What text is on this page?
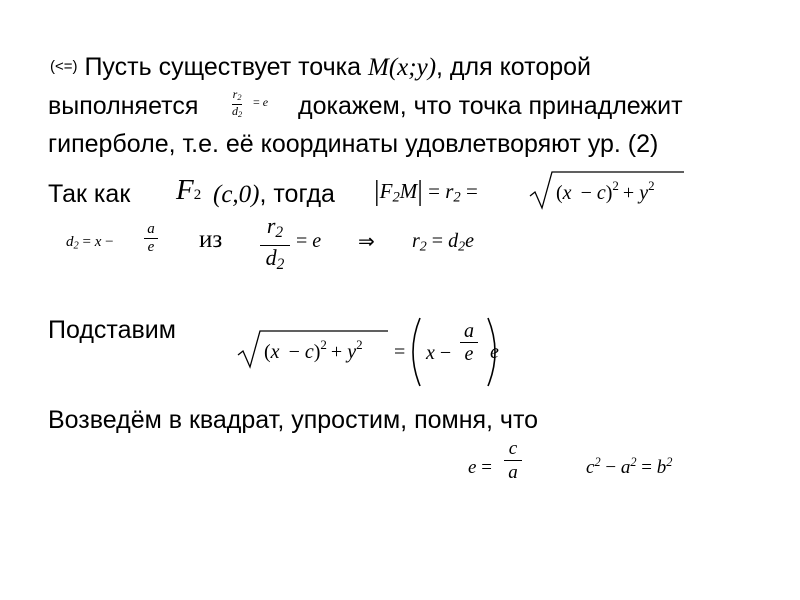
(<=) Пусть существует точка M(x;y), для которой
выполняется	$r_2$
$d_2$
= e докажем, что точка принадлежит
гиперболе, т.е. её координаты удовлетворяют ур. (2)
Так как F2 (c,0), тогда $|F_2M| = r_2$ =	$(x - c)^2 + y^2$
$d_2 = x$ −
a
e из
$r_2$
$d_2$
= e ⇒ $r_2 = d_2e$
Подставим
$(x - c)^2 + y^2 = x$ −
a
e e
Возведём в квадрат, упростим, помня, что
e =
c
a	$c^2 - a^2 = b^2$
